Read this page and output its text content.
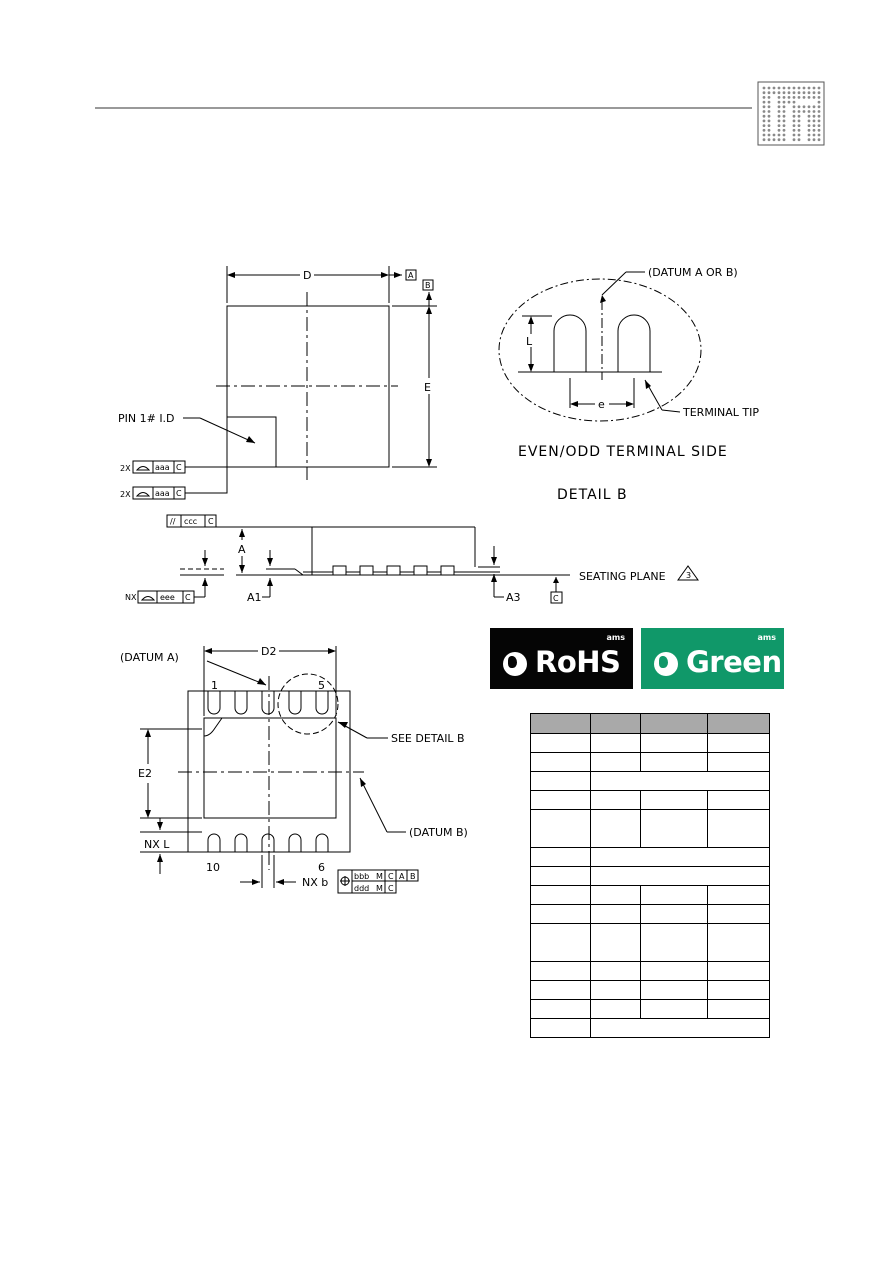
D
E
A
B
PIN 1# I.D
2X	aaa C
2X	aaa C
(DATUM A OR B)
L
e
TERMINAL TIP
EVEN/ODD TERMINAL SIDE
DETAIL B
// ccc C
A
A1	A3
SEATING PLANE	3
C
NX	eee C
(DATUM A)	D2
1	5
10	6
SEE DETAIL B
E2
(DATUM B)
NX L
NX b	bbb M C A B
ddd M C
ams
RoHS
ams
Green
